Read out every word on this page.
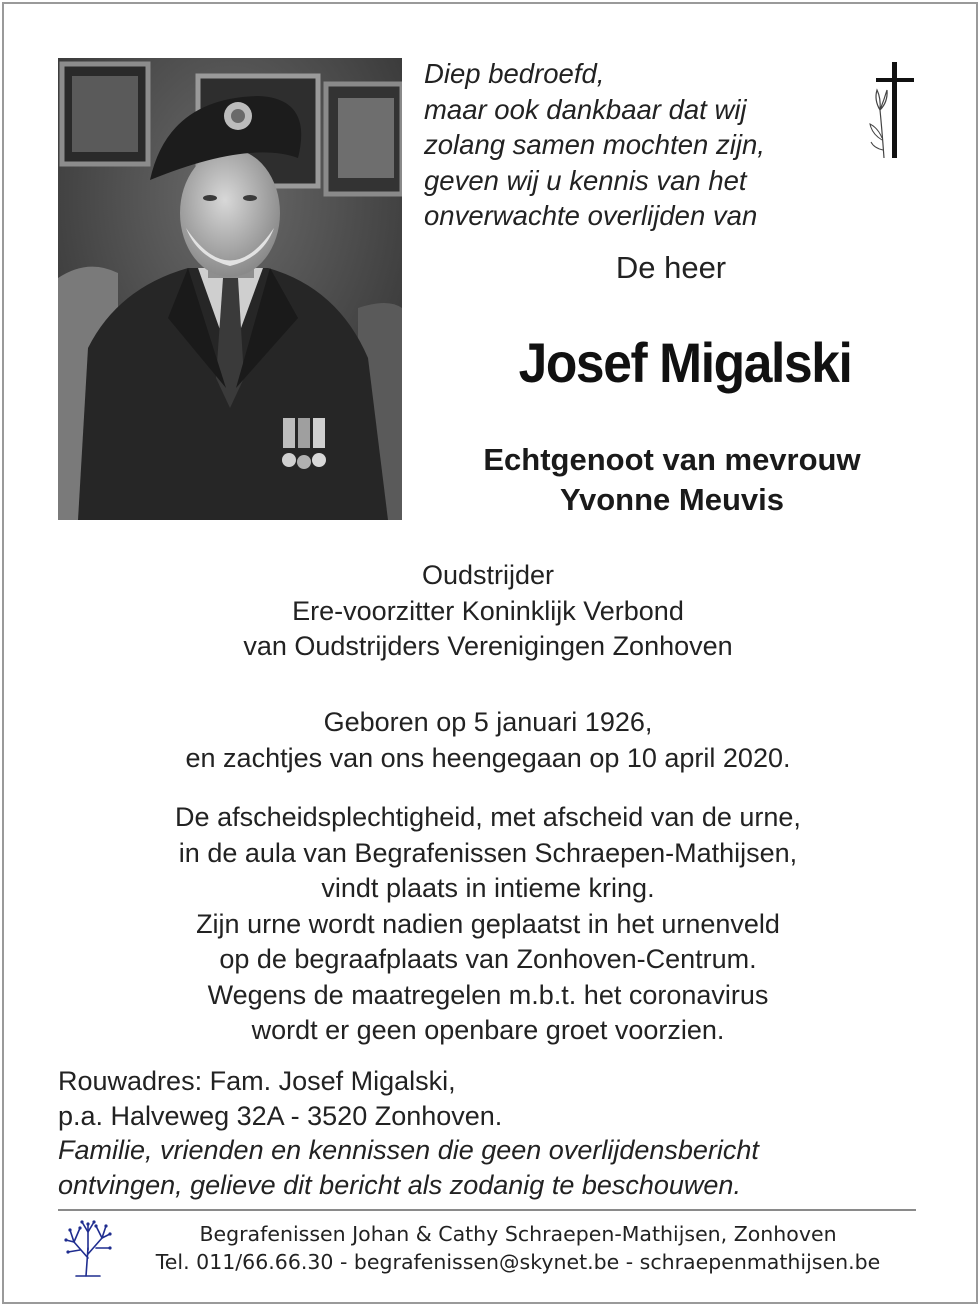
Diep bedroefd,
maar ook dankbaar dat wij
zolang samen mochten zijn,
geven wij u kennis van het
onverwachte overlijden van
De heer
Josef Migalski
Echtgenoot van mevrouw
Yvonne Meuvis
Oudstrijder
Ere-voorzitter Koninklijk Verbond
van Oudstrijders Verenigingen Zonhoven
Geboren op 5 januari 1926,
en zachtjes van ons heengegaan op 10 april 2020.
De afscheidsplechtigheid, met afscheid van de urne,
in de aula van Begrafenissen Schraepen-Mathijsen,
vindt plaats in intieme kring.
Zijn urne wordt nadien geplaatst in het urnenveld
op de begraafplaats van Zonhoven-Centrum.
Wegens de maatregelen m.b.t. het coronavirus
wordt er geen openbare groet voorzien.
Rouwadres: Fam. Josef Migalski,
p.a. Halveweg 32A - 3520 Zonhoven.
Familie, vrienden en kennissen die geen overlijdensbericht
ontvingen, gelieve dit bericht als zodanig te beschouwen.
Begrafenissen Johan & Cathy Schraepen-Mathijsen, Zonhoven
Tel. 011/66.66.30 - begrafenissen@skynet.be - schraepenmathijsen.be
